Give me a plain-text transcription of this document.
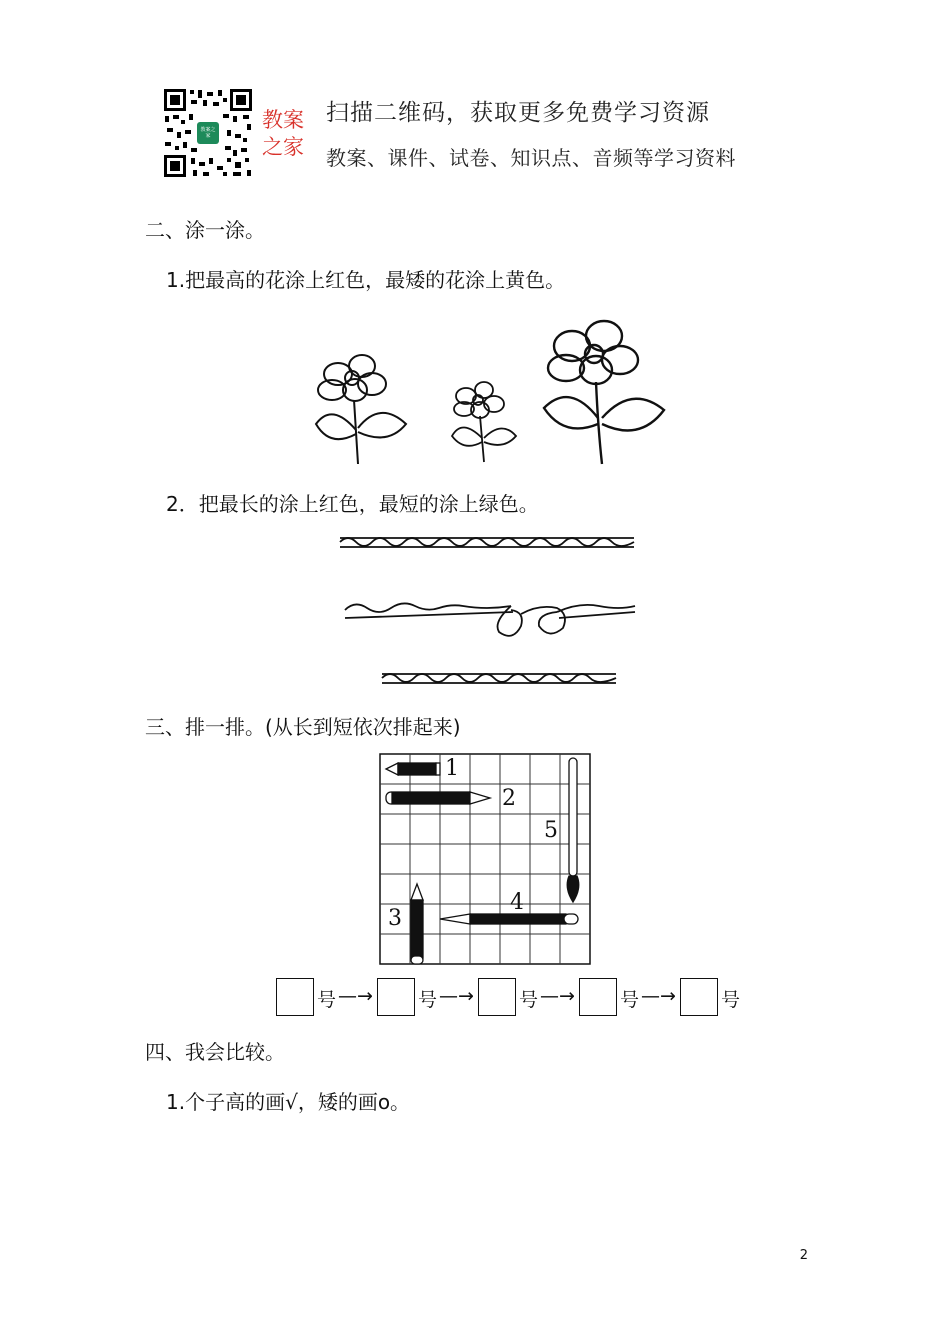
教案之家
教案
之家
扫描二维码，获取更多免费学习资源
教案、课件、试卷、知识点、音频等学习资料
二、涂一涂。
1.把最高的花涂上红色，最矮的花涂上黄色。
2．把最长的涂上红色，最短的涂上绿色。
三、排一排。(从长到短依次排起来)
1
2
5
3
4
号 —→ 号 —→ 号 —→ 号 —→ 号
四、我会比较。
1.个子高的画√，矮的画o。
2
